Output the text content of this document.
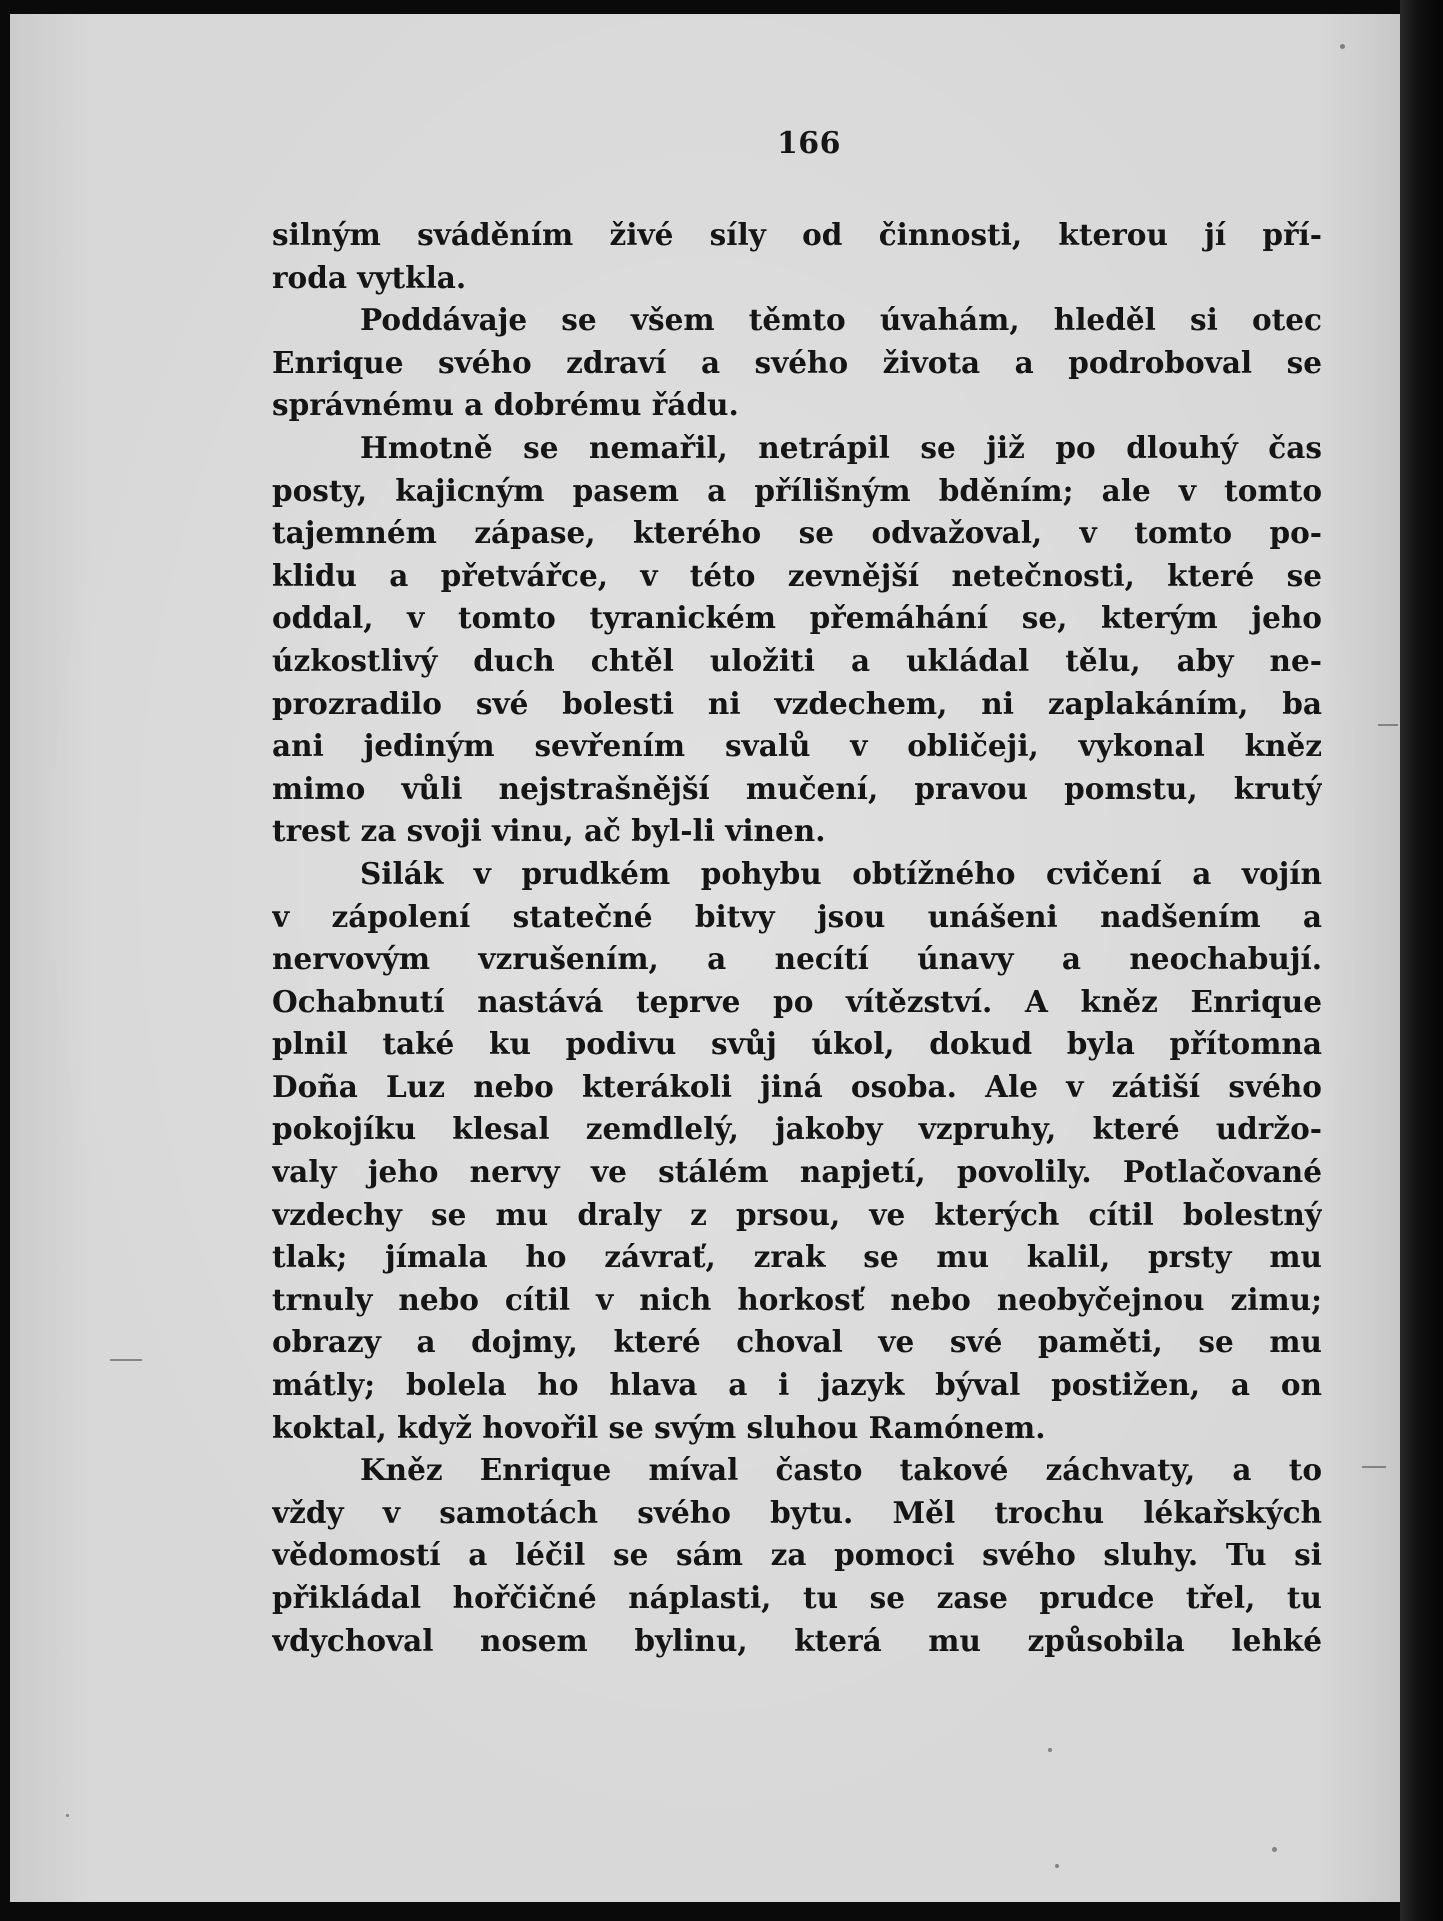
166
silným sváděním živé síly od činnosti, kterou jí pří-
roda vytkla.
Poddávaje se všem těmto úvahám, hleděl si otec
Enrique svého zdraví a svého života a podroboval se
správnému a dobrému řádu.
Hmotně se nemařil, netrápil se již po dlouhý čas
posty, kajicným pasem a přílišným bděním; ale v tomto
tajemném zápase, kterého se odvažoval, v tomto po-
klidu a přetvářce, v této zevnější netečnosti, které se
oddal, v tomto tyranickém přemáhání se, kterým jeho
úzkostlivý duch chtěl uložiti a ukládal tělu, aby ne-
prozradilo své bolesti ni vzdechem, ni zaplakáním, ba
ani jediným sevřením svalů v obličeji, vykonal kněz
mimo vůli nejstrašnější mučení, pravou pomstu, krutý
trest za svoji vinu, ač byl-li vinen.
Silák v prudkém pohybu obtížného cvičení a vojín
v zápolení statečné bitvy jsou unášeni nadšením a
nervovým vzrušením, a necítí únavy a neochabují.
Ochabnutí nastává teprve po vítězství. A kněz Enrique
plnil také ku podivu svůj úkol, dokud byla přítomna
Doña Luz nebo kterákoli jiná osoba. Ale v zátiší svého
pokojíku klesal zemdlelý, jakoby vzpruhy, které udržo-
valy jeho nervy ve stálém napjetí, povolily. Potlačované
vzdechy se mu draly z prsou, ve kterých cítil bolestný
tlak; jímala ho závrať, zrak se mu kalil, prsty mu
trnuly nebo cítil v nich horkosť nebo neobyčejnou zimu;
obrazy a dojmy, které choval ve své paměti, se mu
mátly; bolela ho hlava a i jazyk býval postižen, a on
koktal, když hovořil se svým sluhou Ramónem.
Kněz Enrique míval často takové záchvaty, a to
vždy v samotách svého bytu. Měl trochu lékařských
vědomostí a léčil se sám za pomoci svého sluhy. Tu si
přikládal hořčičné náplasti, tu se zase prudce třel, tu
vdychoval nosem bylinu, která mu způsobila lehké
